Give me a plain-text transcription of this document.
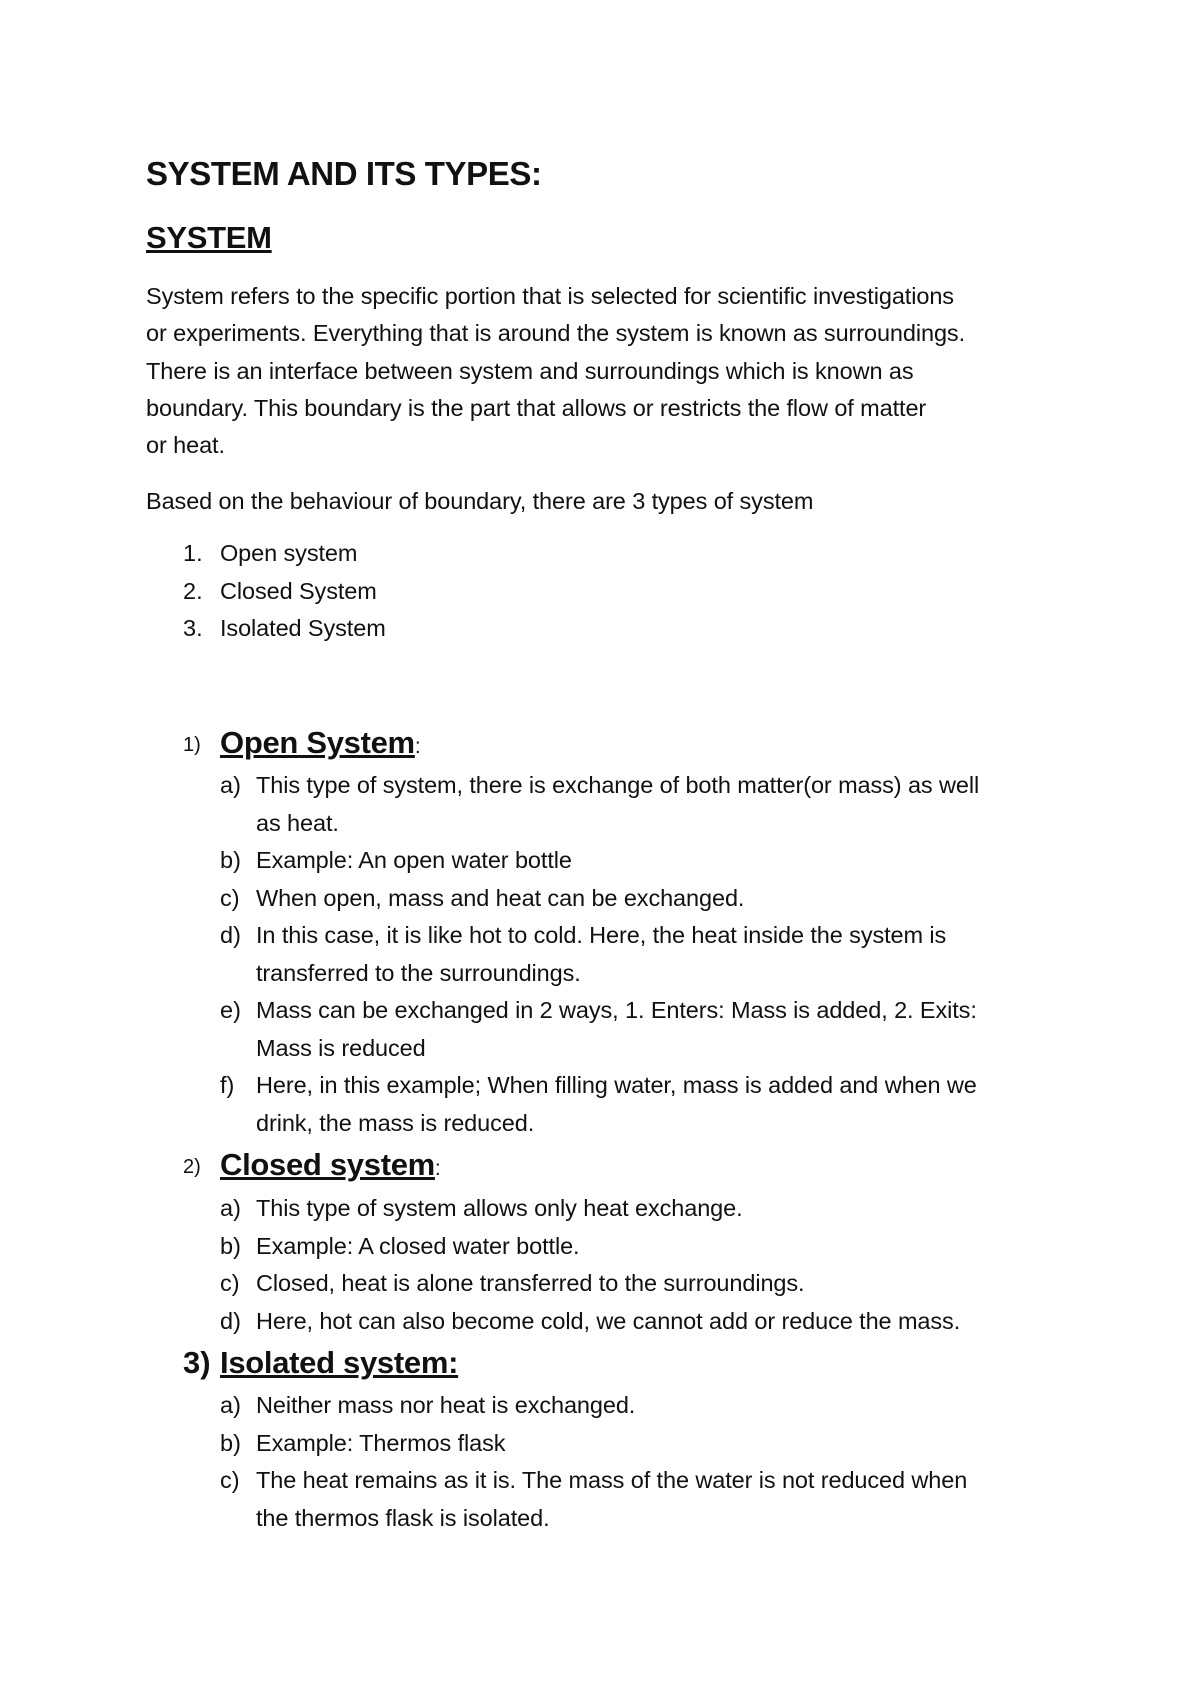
SYSTEM AND ITS TYPES:
SYSTEM
System refers to the specific portion that is selected for scientific investigations
or experiments. Everything that is around the system is known as surroundings.
There is an interface between system and surroundings which is known as
boundary. This boundary is the part that allows or restricts the flow of matter
or heat.
Based on the behaviour of boundary, there are 3 types of system
1. Open system
2. Closed System
3. Isolated System
1) Open System:
a) This type of system, there is exchange of both matter(or mass) as well
as heat.
b) Example: An open water bottle
c) When open, mass and heat can be exchanged.
d) In this case, it is like hot to cold. Here, the heat inside the system is
transferred to the surroundings.
e) Mass can be exchanged in 2 ways, 1. Enters: Mass is added, 2. Exits:
Mass is reduced
f) Here, in this example; When filling water, mass is added and when we
drink, the mass is reduced.
2) Closed system:
a) This type of system allows only heat exchange.
b) Example: A closed water bottle.
c) Closed, heat is alone transferred to the surroundings.
d) Here, hot can also become cold, we cannot add or reduce the mass.
3) Isolated system:
a) Neither mass nor heat is exchanged.
b) Example: Thermos flask
c) The heat remains as it is. The mass of the water is not reduced when
the thermos flask is isolated.
